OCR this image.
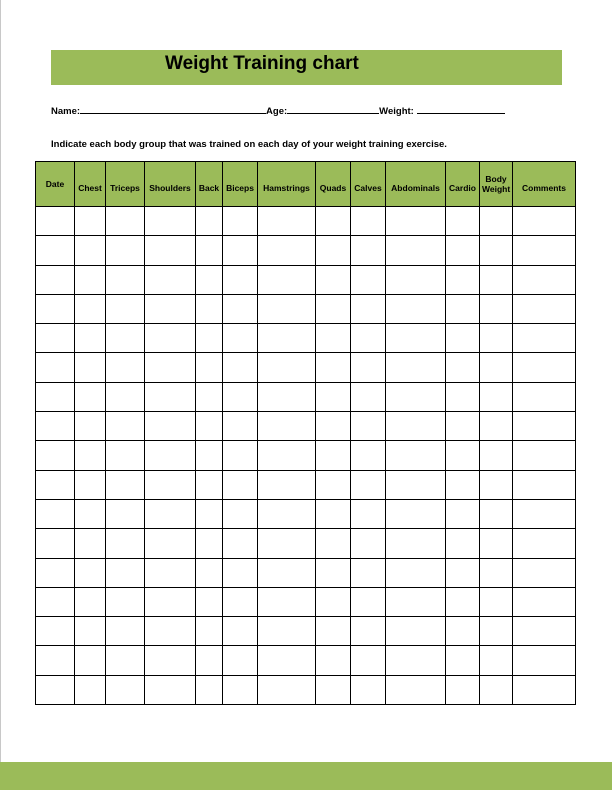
Weight Training chart
Name:	Age:	Weight:
Indicate each body group that was trained on each day of your weight training exercise.
Date	Chest	Triceps	Shoulders	Back	Biceps	Hamstrings	Quads	Calves	Abdominals	Cardio	Body Weight	Comments
